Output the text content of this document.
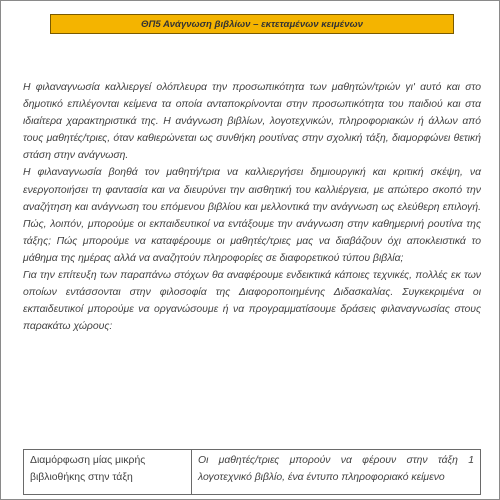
ΘΠ5 Ανάγνωση βιβλίων – εκτεταμένων κειμένων

Η φιλαναγνωσία καλλιεργεί ολόπλευρα την προσωπικότητα των μαθητών/τριών γι' αυτό και στο δημοτικό επιλέγονται κείμενα τα οποία ανταποκρίνονται στην προσωπικότητα του παιδιού και στα ιδιαίτερα χαρακτηριστικά της. Η ανάγνωση βιβλίων, λογοτεχνικών, πληροφοριακών ή άλλων από τους μαθητές/τριες, όταν καθιερώνεται ως συνθήκη ρουτίνας στην σχολική τάξη, διαμορφώνει θετική στάση στην ανάγνωση.

Η φιλαναγνωσία βοηθά τον μαθητή/τρια να καλλιεργήσει δημιουργική και κριτική σκέψη, να ενεργοποιήσει τη φαντασία και να διευρύνει την αισθητική του καλλιέργεια, με απώτερο σκοπό την αναζήτηση και ανάγνωση του επόμενου βιβλίου και μελλοντικά την ανάγνωση ως ελεύθερη επιλογή. Πώς, λοιπόν, μπορούμε οι εκπαιδευτικοί να εντάξουμε την ανάγνωση στην καθημερινή ρουτίνα της τάξης; Πώς μπορούμε να καταφέρουμε οι μαθητές/τριες μας να διαβάζουν όχι αποκλειστικά το μάθημα της ημέρας αλλά να αναζητούν πληροφορίες σε διαφορετικού τύπου βιβλία;

Για την επίτευξη των παραπάνω στόχων θα αναφέρουμε ενδεικτικά κάποιες τεχνικές, πολλές εκ των οποίων εντάσσονται στην φιλοσοφία της Διαφοροποιημένης Διδασκαλίας. Συγκεκριμένα οι εκπαιδευτικοί μπορούμε να οργανώσουμε ή να προγραμματίσουμε δράσεις φιλαναγνωσίας στους παρακάτω χώρους:

Διαμόρφωση μίας μικρής βιβλιοθήκης στην τάξη	Οι μαθητές/τριες μπορούν να φέρουν στην τάξη 1 λογοτεχνικό βιβλίο, ένα έντυπο πληροφοριακό κείμενο
